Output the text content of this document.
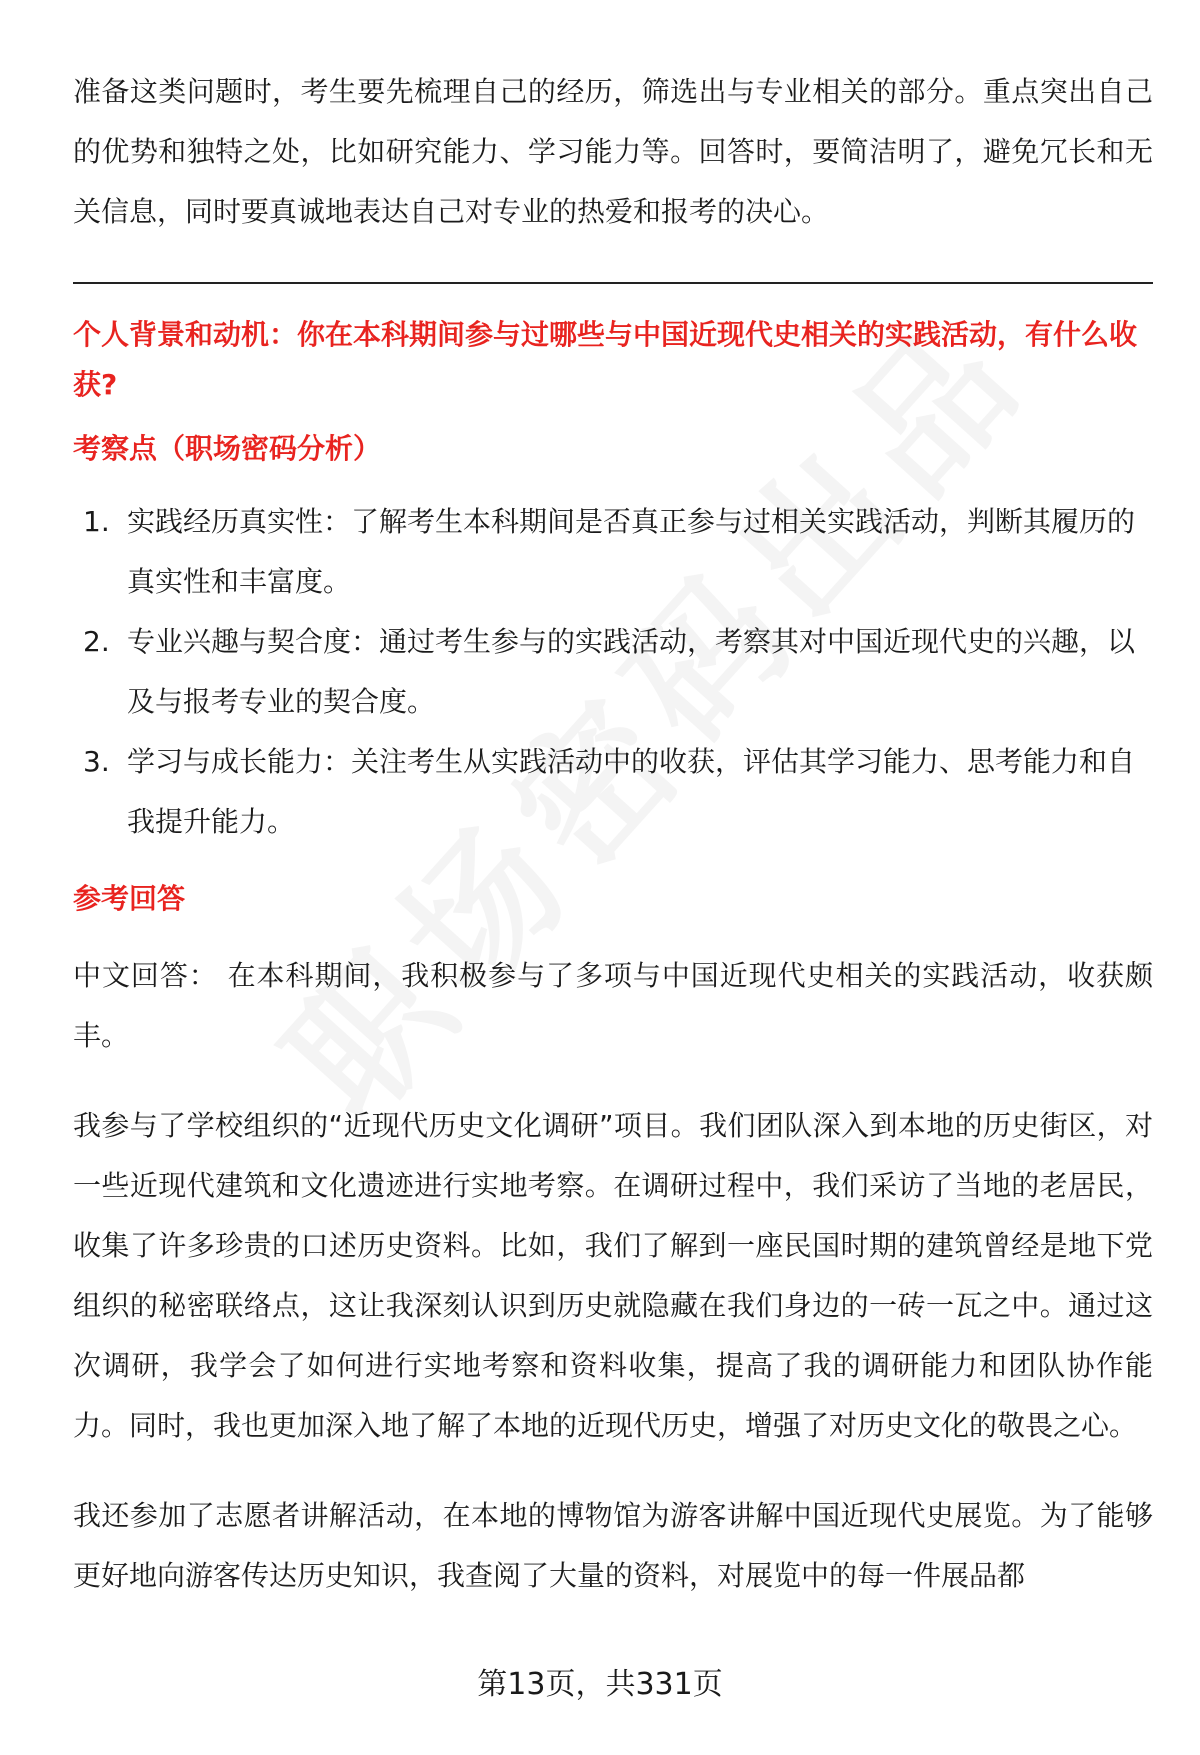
准备这类问题时，考生要先梳理自己的经历，筛选出与专业相关的部分。重点突出自己的优势和独特之处，比如研究能力、学习能力等。回答时，要简洁明了，避免冗长和无关信息，同时要真诚地表达自己对专业的热爱和报考的决心。

个人背景和动机：你在本科期间参与过哪些与中国近现代史相关的实践活动，有什么收获?

考察点（职场密码分析）

1. 实践经历真实性：了解考生本科期间是否真正参与过相关实践活动，判断其履历的真实性和丰富度。
2. 专业兴趣与契合度：通过考生参与的实践活动，考察其对中国近现代史的兴趣，以及与报考专业的契合度。
3. 学习与成长能力：关注考生从实践活动中的收获，评估其学习能力、思考能力和自我提升能力。

参考回答

中文回答： 在本科期间，我积极参与了多项与中国近现代史相关的实践活动，收获颇丰。

我参与了学校组织的“近现代历史文化调研”项目。我们团队深入到本地的历史街区，对一些近现代建筑和文化遗迹进行实地考察。在调研过程中，我们采访了当地的老居民，收集了许多珍贵的口述历史资料。比如，我们了解到一座民国时期的建筑曾经是地下党组织的秘密联络点，这让我深刻认识到历史就隐藏在我们身边的一砖一瓦之中。通过这次调研，我学会了如何进行实地考察和资料收集，提高了我的调研能力和团队协作能力。同时，我也更加深入地了解了本地的近现代历史，增强了对历史文化的敬畏之心。

我还参加了志愿者讲解活动，在本地的博物馆为游客讲解中国近现代史展览。为了能够更好地向游客传达历史知识，我查阅了大量的资料，对展览中的每一件展品都

第13页，共331页
